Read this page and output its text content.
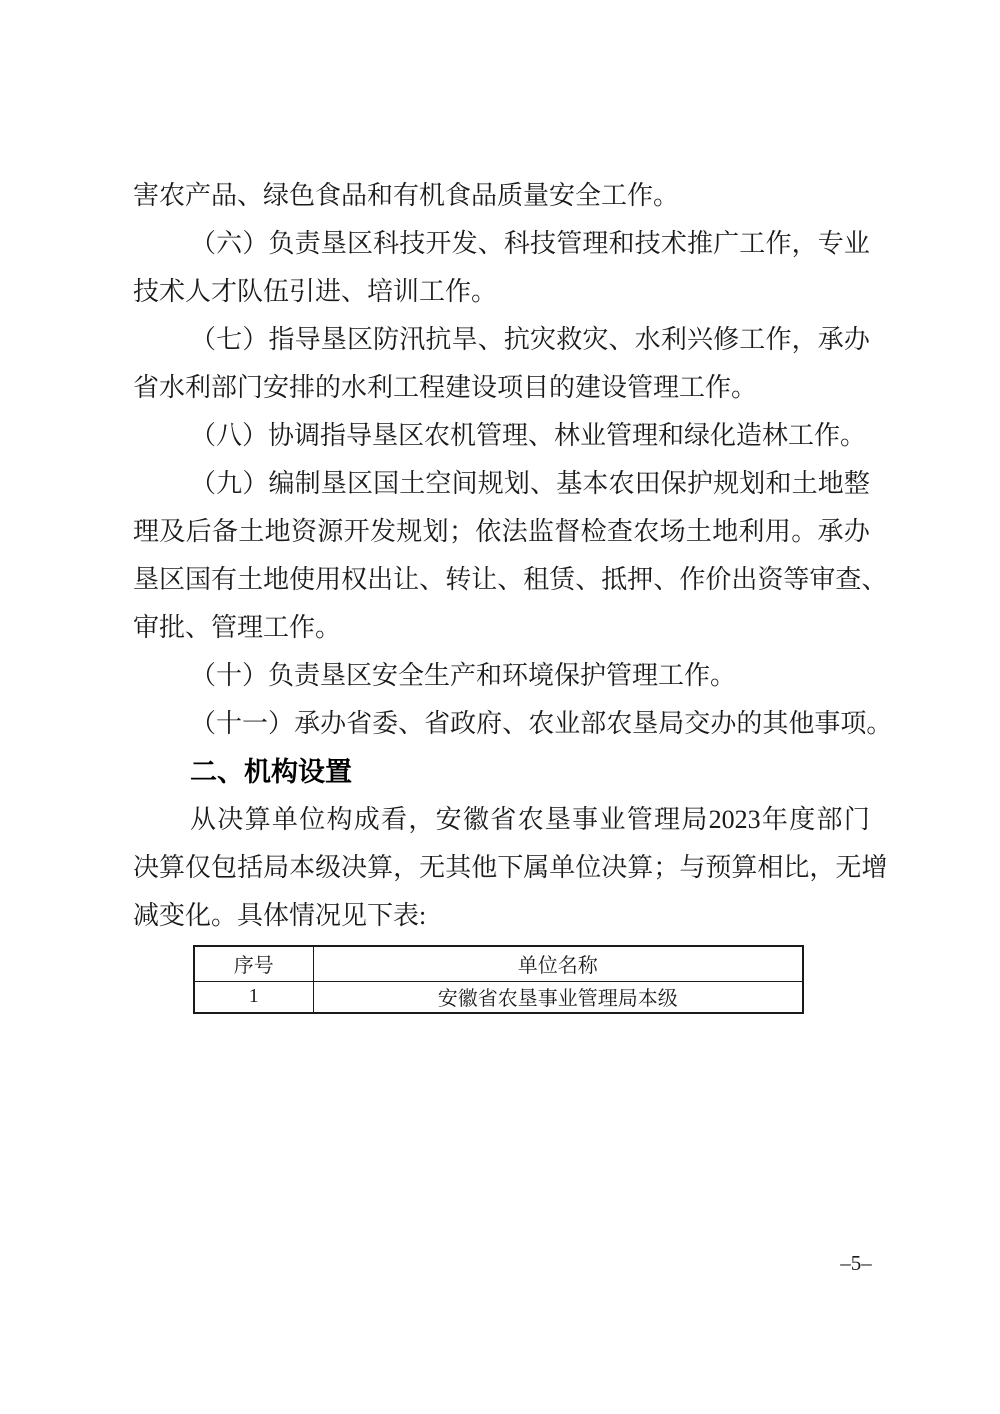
害农产品、绿色食品和有机食品质量安全工作。
（ 六 ） 负 责 垦 区 科 技 开 发 、 科 技 管 理 和 技 术 推 广 工 作 ， 专 业
技术人才队伍引进、培训工作。
（ 七 ） 指 导 垦 区 防 汛 抗 旱 、 抗 灾 救 灾 、 水 利 兴 修 工 作 ， 承 办
省水利部门安排的水利工程建设项目的建设管理工作。
（八）协调指导垦区农机管理、林业管理和绿化造林工作。
（ 九 ） 编 制 垦 区 国 土 空 间 规 划 、 基 本 农 田 保 护 规 划 和 土 地 整
理 及 后 备 土 地 资 源 开 发 规 划 ； 依 法 监 督 检 查 农 场 土 地 利 用 。 承 办
垦 区 国 有 土 地 使 用 权 出 让 、 转 让 、 租 赁 、 抵 押 、 作 价 出 资 等 审 查 、
审批、管理工作。
（十）负责垦区安全生产和环境保护管理工作。
（ 十 一 ） 承 办 省 委 、 省 政 府 、 农 业 部 农 垦 局 交 办 的 其 他 事 项 。
二、机构设置
从 决 算 单 位 构 成 看 ， 安 徽 省 农 垦 事 业 管 理 局 2023 年 度 部 门
决 算 仅 包 括 局 本 级 决 算 ， 无 其 他 下 属 单 位 决 算 ； 与 预 算 相 比 ， 无 增
减变化。具体情况见下表:
序号	单位名称
1	安徽省农垦事业管理局本级
–5–
